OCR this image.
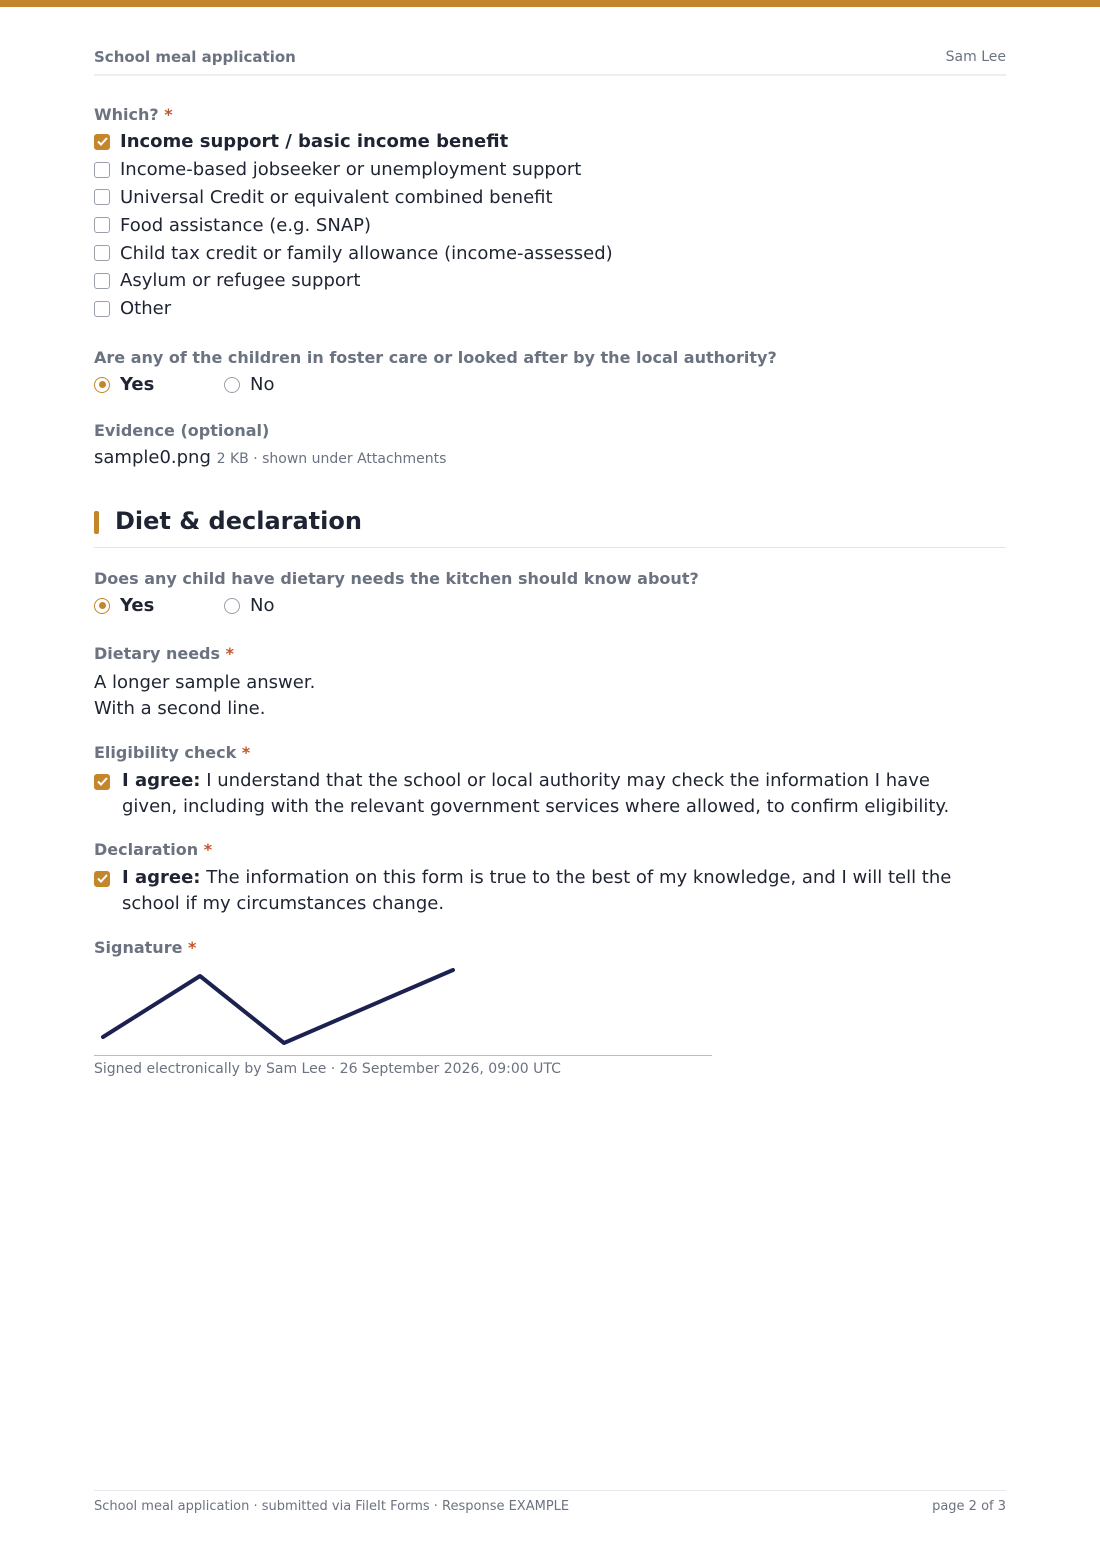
School meal application	Sam Lee
Which? *
Income support / basic income benefit
Income-based jobseeker or unemployment support
Universal Credit or equivalent combined benefit
Food assistance (e.g. SNAP)
Child tax credit or family allowance (income-assessed)
Asylum or refugee support
Other
Are any of the children in foster care or looked after by the local authority?
Yes	No
Evidence (optional)
sample0.png 2 KB · shown under Attachments
Diet & declaration
Does any child have dietary needs the kitchen should know about?
Yes	No
Dietary needs *
A longer sample answer.
With a second line.
Eligibility check *
I agree: I understand that the school or local authority may check the information I have
given, including with the relevant government services where allowed, to confirm eligibility.
Declaration *
I agree: The information on this form is true to the best of my knowledge, and I will tell the
school if my circumstances change.
Signature *
Signed electronically by Sam Lee · 26 September 2026, 09:00 UTC
School meal application · submitted via FileIt Forms · Response EXAMPLE	page 2 of 3
